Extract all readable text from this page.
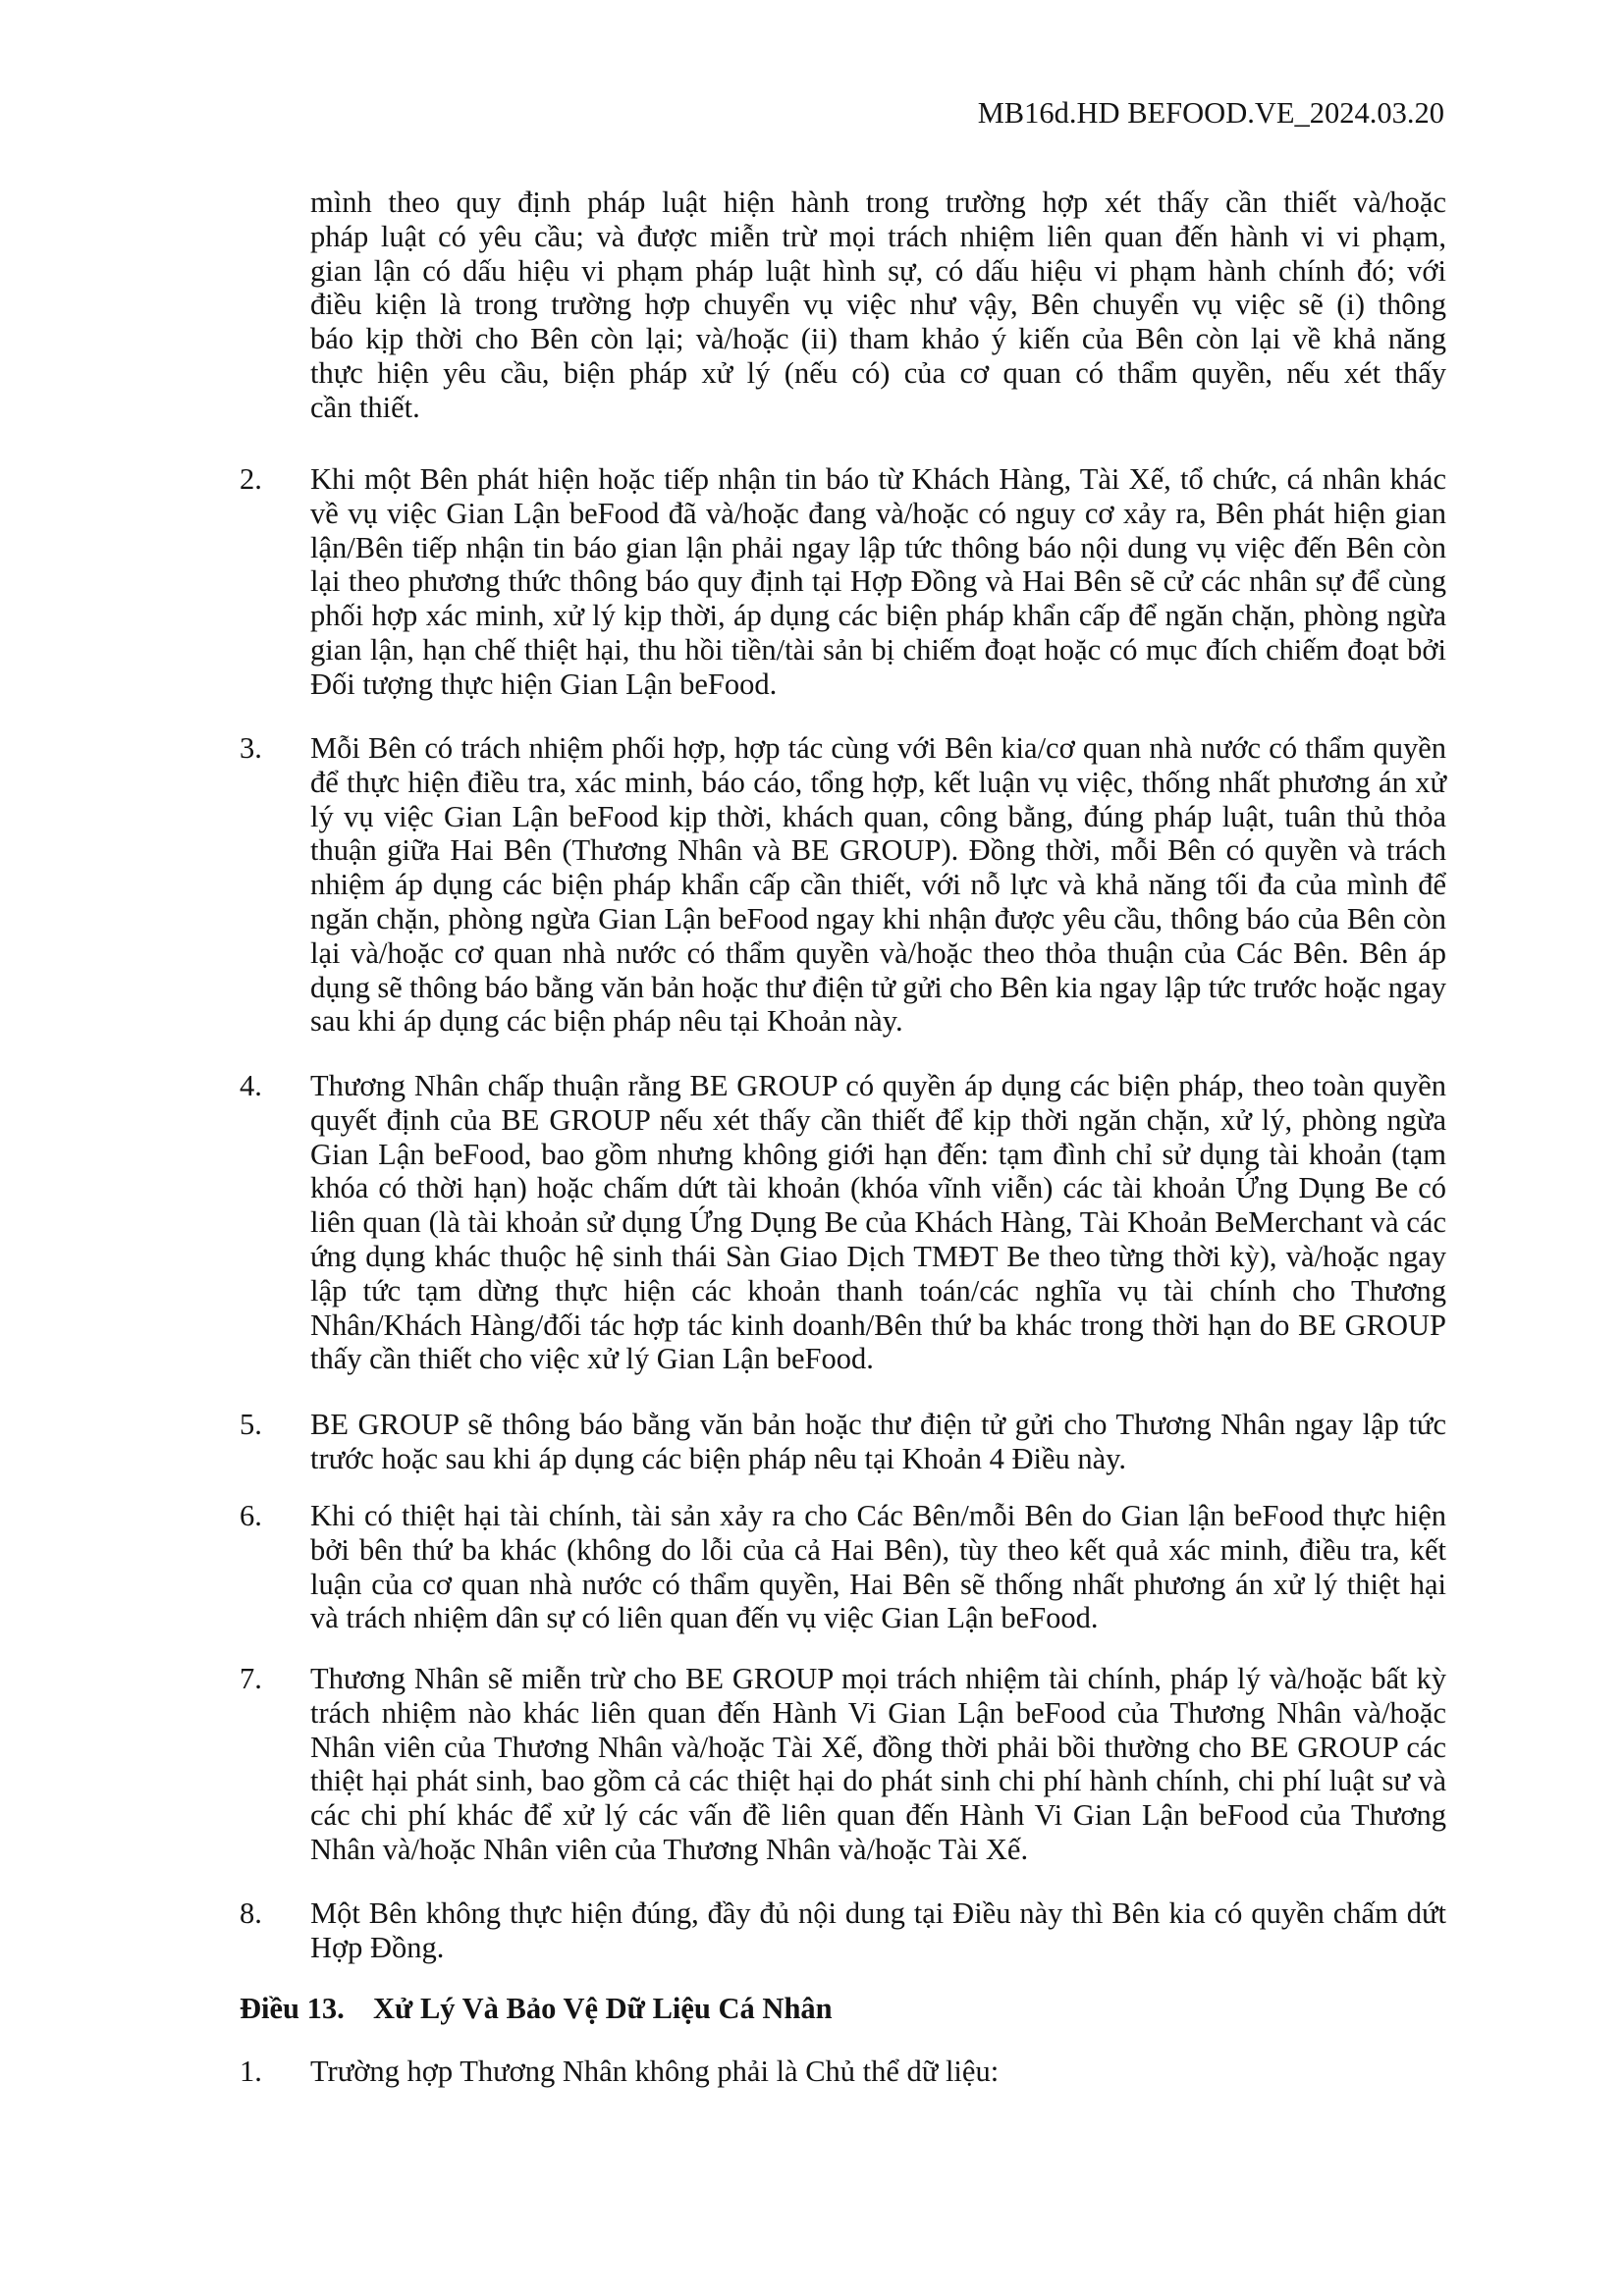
MB16d.HD BEFOOD.VE_2024.03.20
mình theo quy định pháp luật hiện hành trong trường hợp xét thấy cần thiết và/hoặc
pháp luật có yêu cầu; và được miễn trừ mọi trách nhiệm liên quan đến hành vi vi phạm,
gian lận có dấu hiệu vi phạm pháp luật hình sự, có dấu hiệu vi phạm hành chính đó; với
điều kiện là trong trường hợp chuyển vụ việc như vậy, Bên chuyển vụ việc sẽ (i) thông
báo kịp thời cho Bên còn lại; và/hoặc (ii) tham khảo ý kiến của Bên còn lại về khả năng
thực hiện yêu cầu, biện pháp xử lý (nếu có) của cơ quan có thẩm quyền, nếu xét thấy
cần thiết.
2. Khi một Bên phát hiện hoặc tiếp nhận tin báo từ Khách Hàng, Tài Xế, tổ chức, cá nhân khác
về vụ việc Gian Lận beFood đã và/hoặc đang và/hoặc có nguy cơ xảy ra, Bên phát hiện gian
lận/Bên tiếp nhận tin báo gian lận phải ngay lập tức thông báo nội dung vụ việc đến Bên còn
lại theo phương thức thông báo quy định tại Hợp Đồng và Hai Bên sẽ cử các nhân sự để cùng
phối hợp xác minh, xử lý kịp thời, áp dụng các biện pháp khẩn cấp để ngăn chặn, phòng ngừa
gian lận, hạn chế thiệt hại, thu hồi tiền/tài sản bị chiếm đoạt hoặc có mục đích chiếm đoạt bởi
Đối tượng thực hiện Gian Lận beFood.
3. Mỗi Bên có trách nhiệm phối hợp, hợp tác cùng với Bên kia/cơ quan nhà nước có thẩm quyền
để thực hiện điều tra, xác minh, báo cáo, tổng hợp, kết luận vụ việc, thống nhất phương án xử
lý vụ việc Gian Lận beFood kịp thời, khách quan, công bằng, đúng pháp luật, tuân thủ thỏa
thuận giữa Hai Bên (Thương Nhân và BE GROUP). Đồng thời, mỗi Bên có quyền và trách
nhiệm áp dụng các biện pháp khẩn cấp cần thiết, với nỗ lực và khả năng tối đa của mình để
ngăn chặn, phòng ngừa Gian Lận beFood ngay khi nhận được yêu cầu, thông báo của Bên còn
lại và/hoặc cơ quan nhà nước có thẩm quyền và/hoặc theo thỏa thuận của Các Bên. Bên áp
dụng sẽ thông báo bằng văn bản hoặc thư điện tử gửi cho Bên kia ngay lập tức trước hoặc ngay
sau khi áp dụng các biện pháp nêu tại Khoản này.
4. Thương Nhân chấp thuận rằng BE GROUP có quyền áp dụng các biện pháp, theo toàn quyền
quyết định của BE GROUP nếu xét thấy cần thiết để kịp thời ngăn chặn, xử lý, phòng ngừa
Gian Lận beFood, bao gồm nhưng không giới hạn đến: tạm đình chỉ sử dụng tài khoản (tạm
khóa có thời hạn) hoặc chấm dứt tài khoản (khóa vĩnh viễn) các tài khoản Ứng Dụng Be có
liên quan (là tài khoản sử dụng Ứng Dụng Be của Khách Hàng, Tài Khoản BeMerchant và các
ứng dụng khác thuộc hệ sinh thái Sàn Giao Dịch TMĐT Be theo từng thời kỳ), và/hoặc ngay
lập tức tạm dừng thực hiện các khoản thanh toán/các nghĩa vụ tài chính cho Thương
Nhân/Khách Hàng/đối tác hợp tác kinh doanh/Bên thứ ba khác trong thời hạn do BE GROUP
thấy cần thiết cho việc xử lý Gian Lận beFood.
5. BE GROUP sẽ thông báo bằng văn bản hoặc thư điện tử gửi cho Thương Nhân ngay lập tức
trước hoặc sau khi áp dụng các biện pháp nêu tại Khoản 4 Điều này.
6. Khi có thiệt hại tài chính, tài sản xảy ra cho Các Bên/mỗi Bên do Gian lận beFood thực hiện
bởi bên thứ ba khác (không do lỗi của cả Hai Bên), tùy theo kết quả xác minh, điều tra, kết
luận của cơ quan nhà nước có thẩm quyền, Hai Bên sẽ thống nhất phương án xử lý thiệt hại
và trách nhiệm dân sự có liên quan đến vụ việc Gian Lận beFood.
7. Thương Nhân sẽ miễn trừ cho BE GROUP mọi trách nhiệm tài chính, pháp lý và/hoặc bất kỳ
trách nhiệm nào khác liên quan đến Hành Vi Gian Lận beFood của Thương Nhân và/hoặc
Nhân viên của Thương Nhân và/hoặc Tài Xế, đồng thời phải bồi thường cho BE GROUP các
thiệt hại phát sinh, bao gồm cả các thiệt hại do phát sinh chi phí hành chính, chi phí luật sư và
các chi phí khác để xử lý các vấn đề liên quan đến Hành Vi Gian Lận beFood của Thương
Nhân và/hoặc Nhân viên của Thương Nhân và/hoặc Tài Xế.
8. Một Bên không thực hiện đúng, đầy đủ nội dung tại Điều này thì Bên kia có quyền chấm dứt
Hợp Đồng.
Điều 13. Xử Lý Và Bảo Vệ Dữ Liệu Cá Nhân
1. Trường hợp Thương Nhân không phải là Chủ thể dữ liệu:
